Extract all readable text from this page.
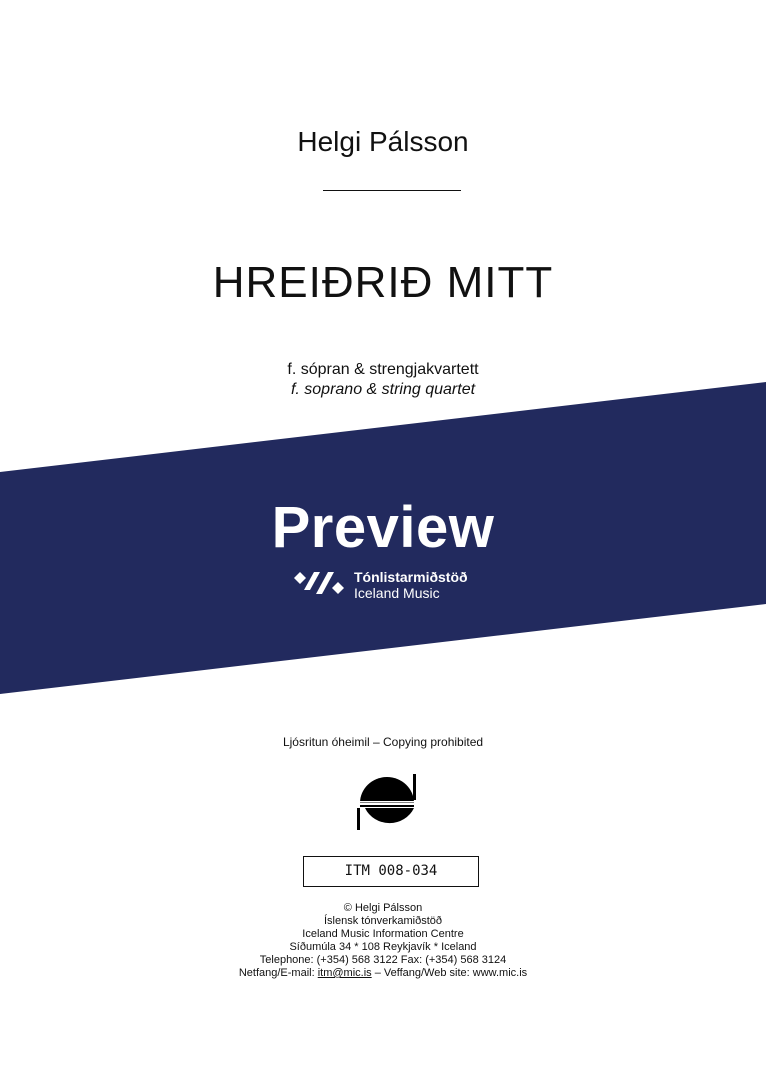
Helgi Pálsson
HREIÐRIÐ MITT
f. sópran & strengjakvartett
f. soprano & string quartet
Preview
Tónlistarmiðstöð
Iceland Music
Ljósritun óheimil – Copying prohibited
ITM 008-034
© Helgi Pálsson
Íslensk tónverkamiðstöð
Iceland Music Information Centre
Síðumúla 34 * 108 Reykjavík * Iceland
Telephone: (+354) 568 3122 Fax: (+354) 568 3124
Netfang/E-mail: itm@mic.is – Veffang/Web site: www.mic.is
